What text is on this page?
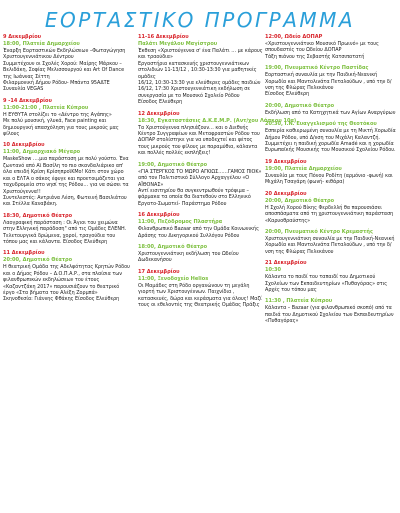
ΕΟΡΤΑΣΤΙΚΟ ΠΡΟΓΡΑΜΜΑ
9 Δεκεμβρίου
18:00, Πλατεία Δημαρχείου
Έναρξη Εορταστικών Εκδηλώσεων –Φωταγώγηση Χριστουγεννιάτικου Δέντρου
Συμμετέχουν οι Σχολές Χορού: Μαίρης Μάρκου – Βελιδάκη, Σοφίας Μελισσουργού και Art Of Dance της Ιωάννας Σέττη
Φιλαρμονική Δήμου Ρόδου- Μπάντα 95ΑΔΤΕ
Συναυλία VEGAS
9 -14 Δεκεμβρίου
11:00-21:00 , Πλατεία Κύπρου
Η ΕΥΘΥΤΑ στολίζει το «Δέντρο της Αγάπης»
Με πολύ μουσική, γλυκά, Face painting και δημιουργική απασχόληση για τους μικρούς μας φίλους
10 Δεκεμβρίου
11:00, Δημαρχιακό Μέγαρο
MaskeShow ….μια παράσταση με πολύ γούστο. Ένα ζωντανό από Αϊ Βασίλη το πιο σκανδαλιάρικο απ' όλα επειδή Κρίση ΚρίσηπροϊΚΜο! Κάτι στον χώρο και ο ΕΛΤΑ ο σάκος έφυγε και προετοιμάζεται για ταχυδρομεία στο νησί της Ρόδου… για να σώσει τα Χριστούγεννα!!
Συντελεστές: Αντριάνα Λέση, Φωτεινή Βασιλιάτου και Στέλλα Καναβάκη.
18:30, Δημοτικό Θέατρο
Λαογραφική παράσταση : Οι Άγιοι του χειμώνα στην Ελληνική παράδοση" από τις Ομάδες ΕΛΕΝΗ. Τελετουργικά δρώμενα, χοροί, τραγούδια του τόπου μας και κάλαντα. Είσοδος Ελεύθερη
11 Δεκεμβρίου
20:00, Δημοτικό Θέατρο
Η θεατρική Ομάδα της Αδελφότητας Κρητών Ρόδου και ο Δήμος Ρόδου – Δ.Ο.Π.Α.Ρ., στα πλαίσια των φιλανθρωπικών εκδηλώσεων του έτους «Καζαντζάκη 2017» παρουσιάζουν το θεατρικό έργο «Στα βήματα του Αλέξη Ζορμπά»
Σκηνοθεσία: Γιάννης Φθάκης Είσοδος Ελεύθερη
11-16 Δεκεμβρίου
Παλάτι Μεγάλου Μαγίστρου
Έκθεση «Χριστούγεννα σ' ένα Παλάτι … με κάρους και τραούδια»
Εργαστήρια κατασκευής χριστουγεννιάτικων στολιδιών 11-13/12 , 10:30-13:30 για μαθητικές ομάδες
16/12, 10:30-13:30 για ελεύθερες ομάδες παιδιών
16/12, 17:30 Χριστουγεννιάτικη εκδήλωση σε συνεργασία με το Μουσικό Σχολείο Ρόδου
Είσοδος Ελεύθερη
12 Δεκεμβρίου
18:30, Εγκαταστάσεις Δ.Κ.Ε.Μ.Ρ. (Αντ/χου Λάσκου 10α)
Τα Χριστούγεννα πλησιάζουν… και ο Διεθνής Κέντρο Συγγραφέων και Μεταφραστών Ρόδου του ΔΟΠΑΡ στολίστηκε για να υποδεχτεί και φέτος τους μικρούς του φίλους με παραμύθια, κάλαντα και πολλές πολλές εκπλήξεις!
19:00, Δημοτικό Θέατρο
«ΓΙΑ ΣΤΕΡΓΚΟΣ ΤΟ ΜΩΡΟ ΑΓΚΙΩΣ……ΓΑΜΟΣ ΠΙΟΚ» από τον Πολιτιστικό Σύλλογο Αρχαγγέλου «Ο ΑΪΘΟΝΑΣ»
Αντί εισιτηρίου θα συγκεντρωθούν τρόφιμα – φάρμακα τα οποία θα διατεθούν στο Ελληνικό Εργατο-Σωματεί- Παράστημα Ρόδου
16 Δεκεμβρίου
11:00, Πεζόδρομος Πλαστήρα
Φιλανθρωπικό Bazaar από την Ομάδα Κοινωνικής Δράσης του Δικηγορικού Συλλόγου Ρόδου
18:00, Δημοτικό Θέατρο
Χριστουγεννιάτικη εκδήλωση του Ωδείου Δωδεκανήσου
17 Δεκεμβρίου
11:00, Ξενοδοχείο Helios
Οι Μαμάδες στη Ρόδο οργανώνουν τη μεγάλη γιορτή των Χριστουγέννων. Παιχνίδια , κατασκευές, δώρα και κεράσματα για όλους! Μαζί τους οι εθελοντές της Θεατρικής Ομάδας Πράξις
12:00, Ωδείο ΔΟΠΑΡ
«Χριστουγεννιάτικο Μουσικό Πρωινό» με τους σπουδαστές του Ωδείου ΔΟΠΑΡ
Τάξη πιάνου της Σεβαστής Κατσιπατατή
19:00, Πνευματικό Κέντρο Παστίδας
Εορταστική συναυλία με την Παιδική-Νεανική Χορωδία και Μαντολινάτα Πεταλούδων , υπό την δ/νση της Φλώρας Πελεκάνου
Είσοδος Ελεύθερη
20:00, Δημοτικό Θέατρο
Εκδήλωση από τα Κατηχητικά των Αγίων Αναργύρων
20:30, Ι.Ν. Ευαγγελισμού της Θεοτόκου
Εσπερία καθιερωμένη συναυλία με τη Μικτή Χορωδία Δήμου Ρόδου, υπό Δ/νση του Μιχάλη Καλαντζή. Συμμετέχει η παιδική χορωδία Amadé και η χορωδία Ευρωπαϊκής Μουσικής του Μουσικού Σχολείου Ρόδου.
19 Δεκεμβρίου
19:00, Πλατεία Δημαρχείου
Συναυλία με τους Πόνου Ροδίτη (αρμόνιο -φωνή) και Μιχάλη Τσαγάρη (φωνή- κιθάρα)
20 Δεκεμβρίου
20:00, Δημοτικό Θέατρο
Η Σχολή Χορού Βίκης Φερδελλή θα παρουσιάσει αποσπάσματα από τη χριστουγεννιάτικη παράσταση «Καρυοθραύστης»
20:00, Πνευματικό Κέντρο Κρεμαστής
Χριστουγεννιάτικη συναυλία με την Παιδική-Νεανική Χορωδία και Μαντολινάτα Πεταλούδων , υπό την δ/νση της Φλώρας Πελεκάνου
21 Δεκεμβρίου
10:30
Κάλαντα το παιδί του ταπαιδί του Δημοτικού Σχολείων των Εκπαιδευτηρίων «Πυθαγόρας» στις Αρχές του τόπου μας
11:30 , Πλατεία Κύπρου
Κάλαντα – Bazaar (για φιλανθρωπικό σκοπό) από τα παιδιά του Δημοτικού Σχολείου των Εκπαιδευτηρίων «Πυθαγόρας»
